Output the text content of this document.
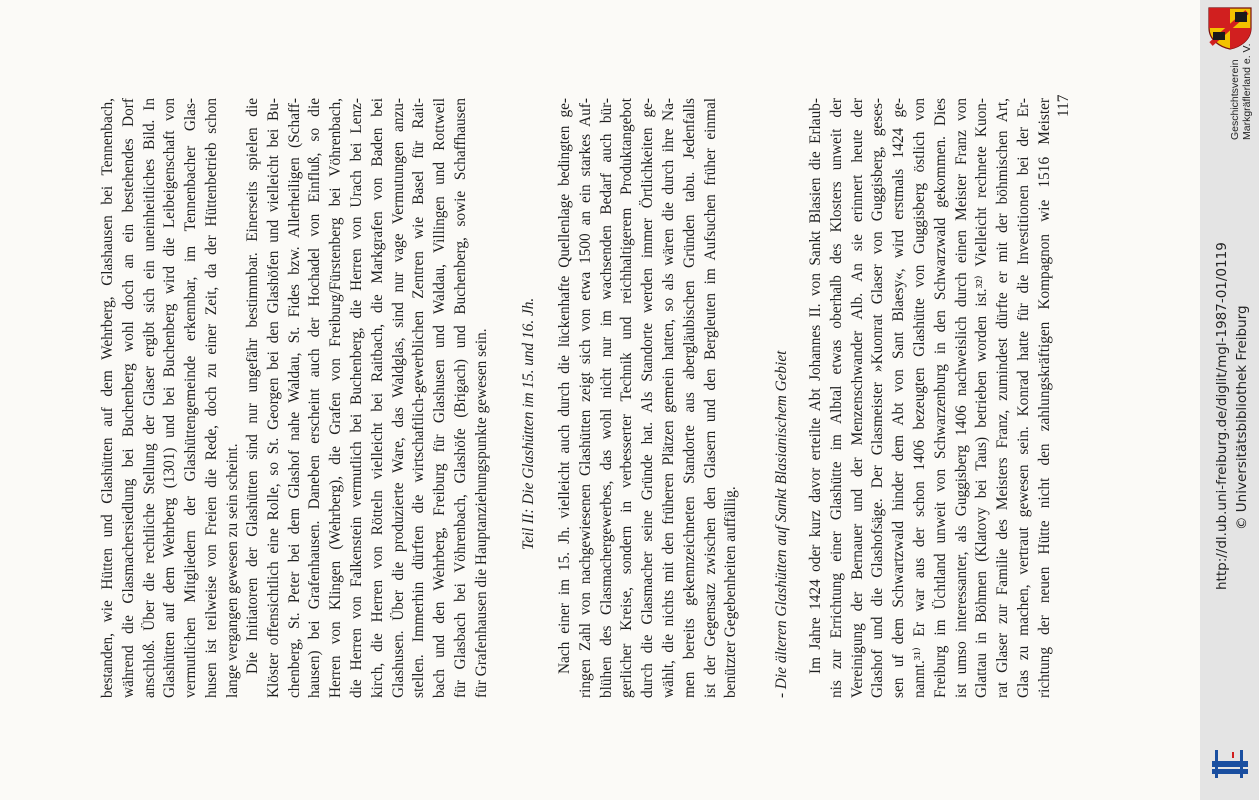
bestanden, wie Hütten und Glashütten auf dem Wehrberg, Glashausen bei Tennenbach, während die Glasmachersiedlung bei Buchenberg wohl doch an ein bestehendes Dorf anschloß. Über die rechtliche Stellung der Glaser ergibt sich ein uneinheitliches Bild. In Glashütten auf dem Wehrberg (1301) und bei Buchenberg wird die Leibeigenschaft von vermutlichen Mitgliedern der Glashüttengemeinde erkennbar, im Tennenbacher Glas- husen ist teilweise von Freien die Rede, doch zu einer Zeit, da der Hüttenbetrieb schon lange vergangen gewesen zu sein scheint. Die Initiatoren der Glashütten sind nur ungefähr bestimmbar. Einerseits spielen die Klöster offensichtlich eine Rolle, so St. Georgen bei den Glashöfen und vielleicht bei Bu- chenberg, St. Peter bei dem Glashof nahe Waldau, St. Fides bzw. Allerheiligen (Schaff- hausen) bei Grafenhausen. Daneben erscheint auch der Hochadel von Einfluß, so die Herren von Klingen (Wehrberg), die Grafen von Freiburg/Fürstenberg bei Vöhrenbach, die Herren von Falkenstein vermutlich bei Buchenberg, die Herren von Urach bei Lenz- kirch, die Herren von Rötteln vielleicht bei Raitbach, die Markgrafen von Baden bei Glashusen. Über die produzierte Ware, das Waldglas, sind nur vage Vermutungen anzu- stellen. Immerhin dürften die wirtschaftlich-gewerblichen Zentren wie Basel für Rait- bach und den Wehrberg, Freiburg für Glashusen und Waldau, Villingen und Rottweil für Glasbach bei Vöhrenbach, Glashöfe (Brigach) und Buchenberg, sowie Schaffhausen für Grafenhausen die Hauptanziehungspunkte gewesen sein. Teil II: Die Glashütten im 15. und 16. Jh. Nach einer im 15. Jh. vielleicht auch durch die lückenhafte Quellenlage bedingten ge- ringen Zahl von nachgewiesenen Glashütten zeigt sich von etwa 1500 an ein starkes Auf- blühen des Glasmachergewerbes, das wohl nicht nur im wachsenden Bedarf auch bür- gerlicher Kreise, sondern in verbesserter Technik und reichhaltigerem Produktangebot durch die Glasmacher seine Gründe hat. Als Standorte werden immer Örtlichkeiten ge- wählt, die nichts mit den früheren Plätzen gemein hatten, so als wären die durch ihre Na- men bereits gekennzeichneten Standorte aus abergläubischen Gründen tabu. Jedenfalls ist der Gegensatz zwischen den Glasern und den Bergleuten im Aufsuchen früher einmal benützter Gegebenheiten auffällig. - Die älteren Glashütten auf Sankt Blasianischem Gebiet Im Jahre 1424 oder kurz davor erteilte Abt Johannes II. von Sankt Blasien die Erlaub- nis zur Errichtung einer Glashütte im Albtal etwas oberhalb des Klosters unweit der Vereinigung der Bernauer und der Menzenschwander Alb. An sie erinnert heute der Glashof und die Glashofsäge. Der Glasmeister »Kuonrat Glaser von Guggisberg, geses- sen uf dem Schwartzwald hinder dem Abt von Sant Blaesy«, wird erstmals 1424 ge- nannt.³¹⁾ Er war aus der schon 1406 bezeugten Glashütte von Guggisberg östlich von Freiburg im Üchtland unweit von Schwarzenburg in den Schwarzwald gekommen. Dies ist umso interessanter, als Guggisberg 1406 nachweislich durch einen Meister Franz von Glattau in Böhmen (Klatovy bei Taus) betrieben worden ist.³²⁾ Vielleicht rechnete Kuon- rat Glaser zur Familie des Meisters Franz, zumindest dürfte er mit der böhmischen Art, Glas zu machen, vertraut gewesen sein. Konrad hatte für die Investitionen bei der Er- richtung der neuen Hütte nicht den zahlungskräftigen Kompagnon wie 1516 Meister 117
http://dl.ub.uni-freiburg.de/diglit/mgl-1987-01/0119 © Universitätsbibliothek Freiburg
Geschichtsverein Markgräflerland e. V.
